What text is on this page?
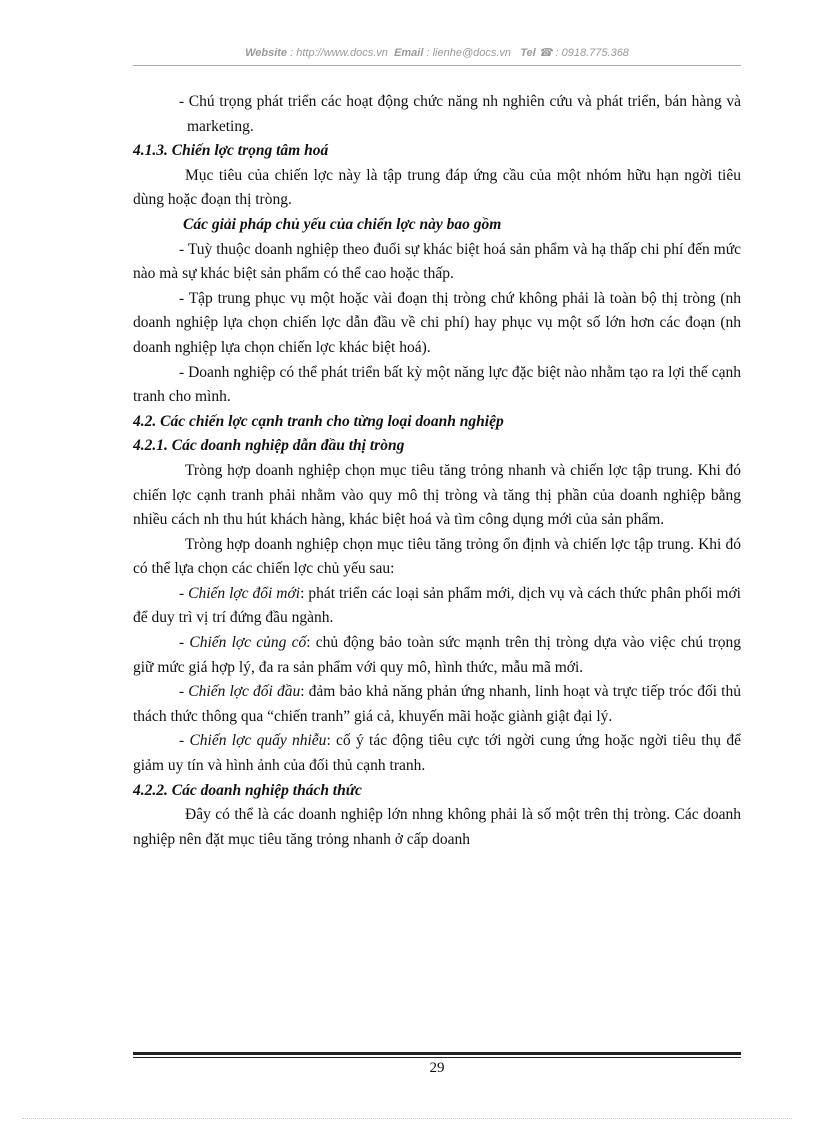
Website : http://www.docs.vn Email : lienhe@docs.vn Tel ☎ : 0918.775.368

- Chú trọng phát triển các hoạt động chức năng nh nghiên cứu và phát triển, bán hàng và marketing.

4.1.3. Chiến lợc trọng tâm hoá

Mục tiêu của chiến lợc này là tập trung đáp ứng cầu của một nhóm hữu hạn ngời tiêu dùng hoặc đoạn thị tròng.

Các giải pháp chủ yếu của chiến lợc này bao gồm

- Tuỳ thuộc doanh nghiệp theo đuổi sự khác biệt hoá sản phẩm và hạ thấp chi phí đến mức nào mà sự khác biệt sản phẩm có thể cao hoặc thấp.

- Tập trung phục vụ một hoặc vài đoạn thị tròng chứ không phải là toàn bộ thị tròng (nh doanh nghiệp lựa chọn chiến lợc dẫn đầu về chi phí) hay phục vụ một số lớn hơn các đoạn (nh doanh nghiệp lựa chọn chiến lợc khác biệt hoá).

- Doanh nghiệp có thể phát triển bất kỳ một năng lực đặc biệt nào nhằm tạo ra lợi thế cạnh tranh cho mình.

4.2. Các chiến lợc cạnh tranh cho từng loại doanh nghiệp

4.2.1. Các doanh nghiệp dẫn đầu thị tròng

Tròng hợp doanh nghiệp chọn mục tiêu tăng trỏng nhanh và chiến lợc tập trung. Khi đó chiến lợc cạnh tranh phải nhằm vào quy mô thị tròng và tăng thị phần của doanh nghiệp bằng nhiều cách nh thu hút khách hàng, khác biệt hoá và tìm công dụng mới của sản phẩm.

Tròng hợp doanh nghiệp chọn mục tiêu tăng trỏng ổn định và chiến lợc tập trung. Khi đó có thể lựa chọn các chiến lợc chủ yếu sau:

- Chiến lợc đổi mới: phát triển các loại sản phẩm mới, dịch vụ và cách thức phân phối mới để duy trì vị trí đứng đầu ngành.

- Chiến lợc củng cố: chủ động bảo toàn sức mạnh trên thị tròng dựa vào việc chú trọng giữ mức giá hợp lý, đa ra sản phẩm với quy mô, hình thức, mẫu mã mới.

- Chiến lợc đối đầu: đảm bảo khả năng phản ứng nhanh, linh hoạt và trực tiếp tróc đối thủ thách thức thông qua “chiến tranh” giá cả, khuyến mãi hoặc giành giật đại lý.

- Chiến lợc quấy nhiễu: cố ý tác động tiêu cực tới ngời cung ứng hoặc ngời tiêu thụ để giảm uy tín và hình ảnh của đối thủ cạnh tranh.

4.2.2. Các doanh nghiệp thách thức

Đây có thể là các doanh nghiệp lớn nhng không phải là số một trên thị tròng. Các doanh nghiệp nên đặt mục tiêu tăng trỏng nhanh ở cấp doanh

29
